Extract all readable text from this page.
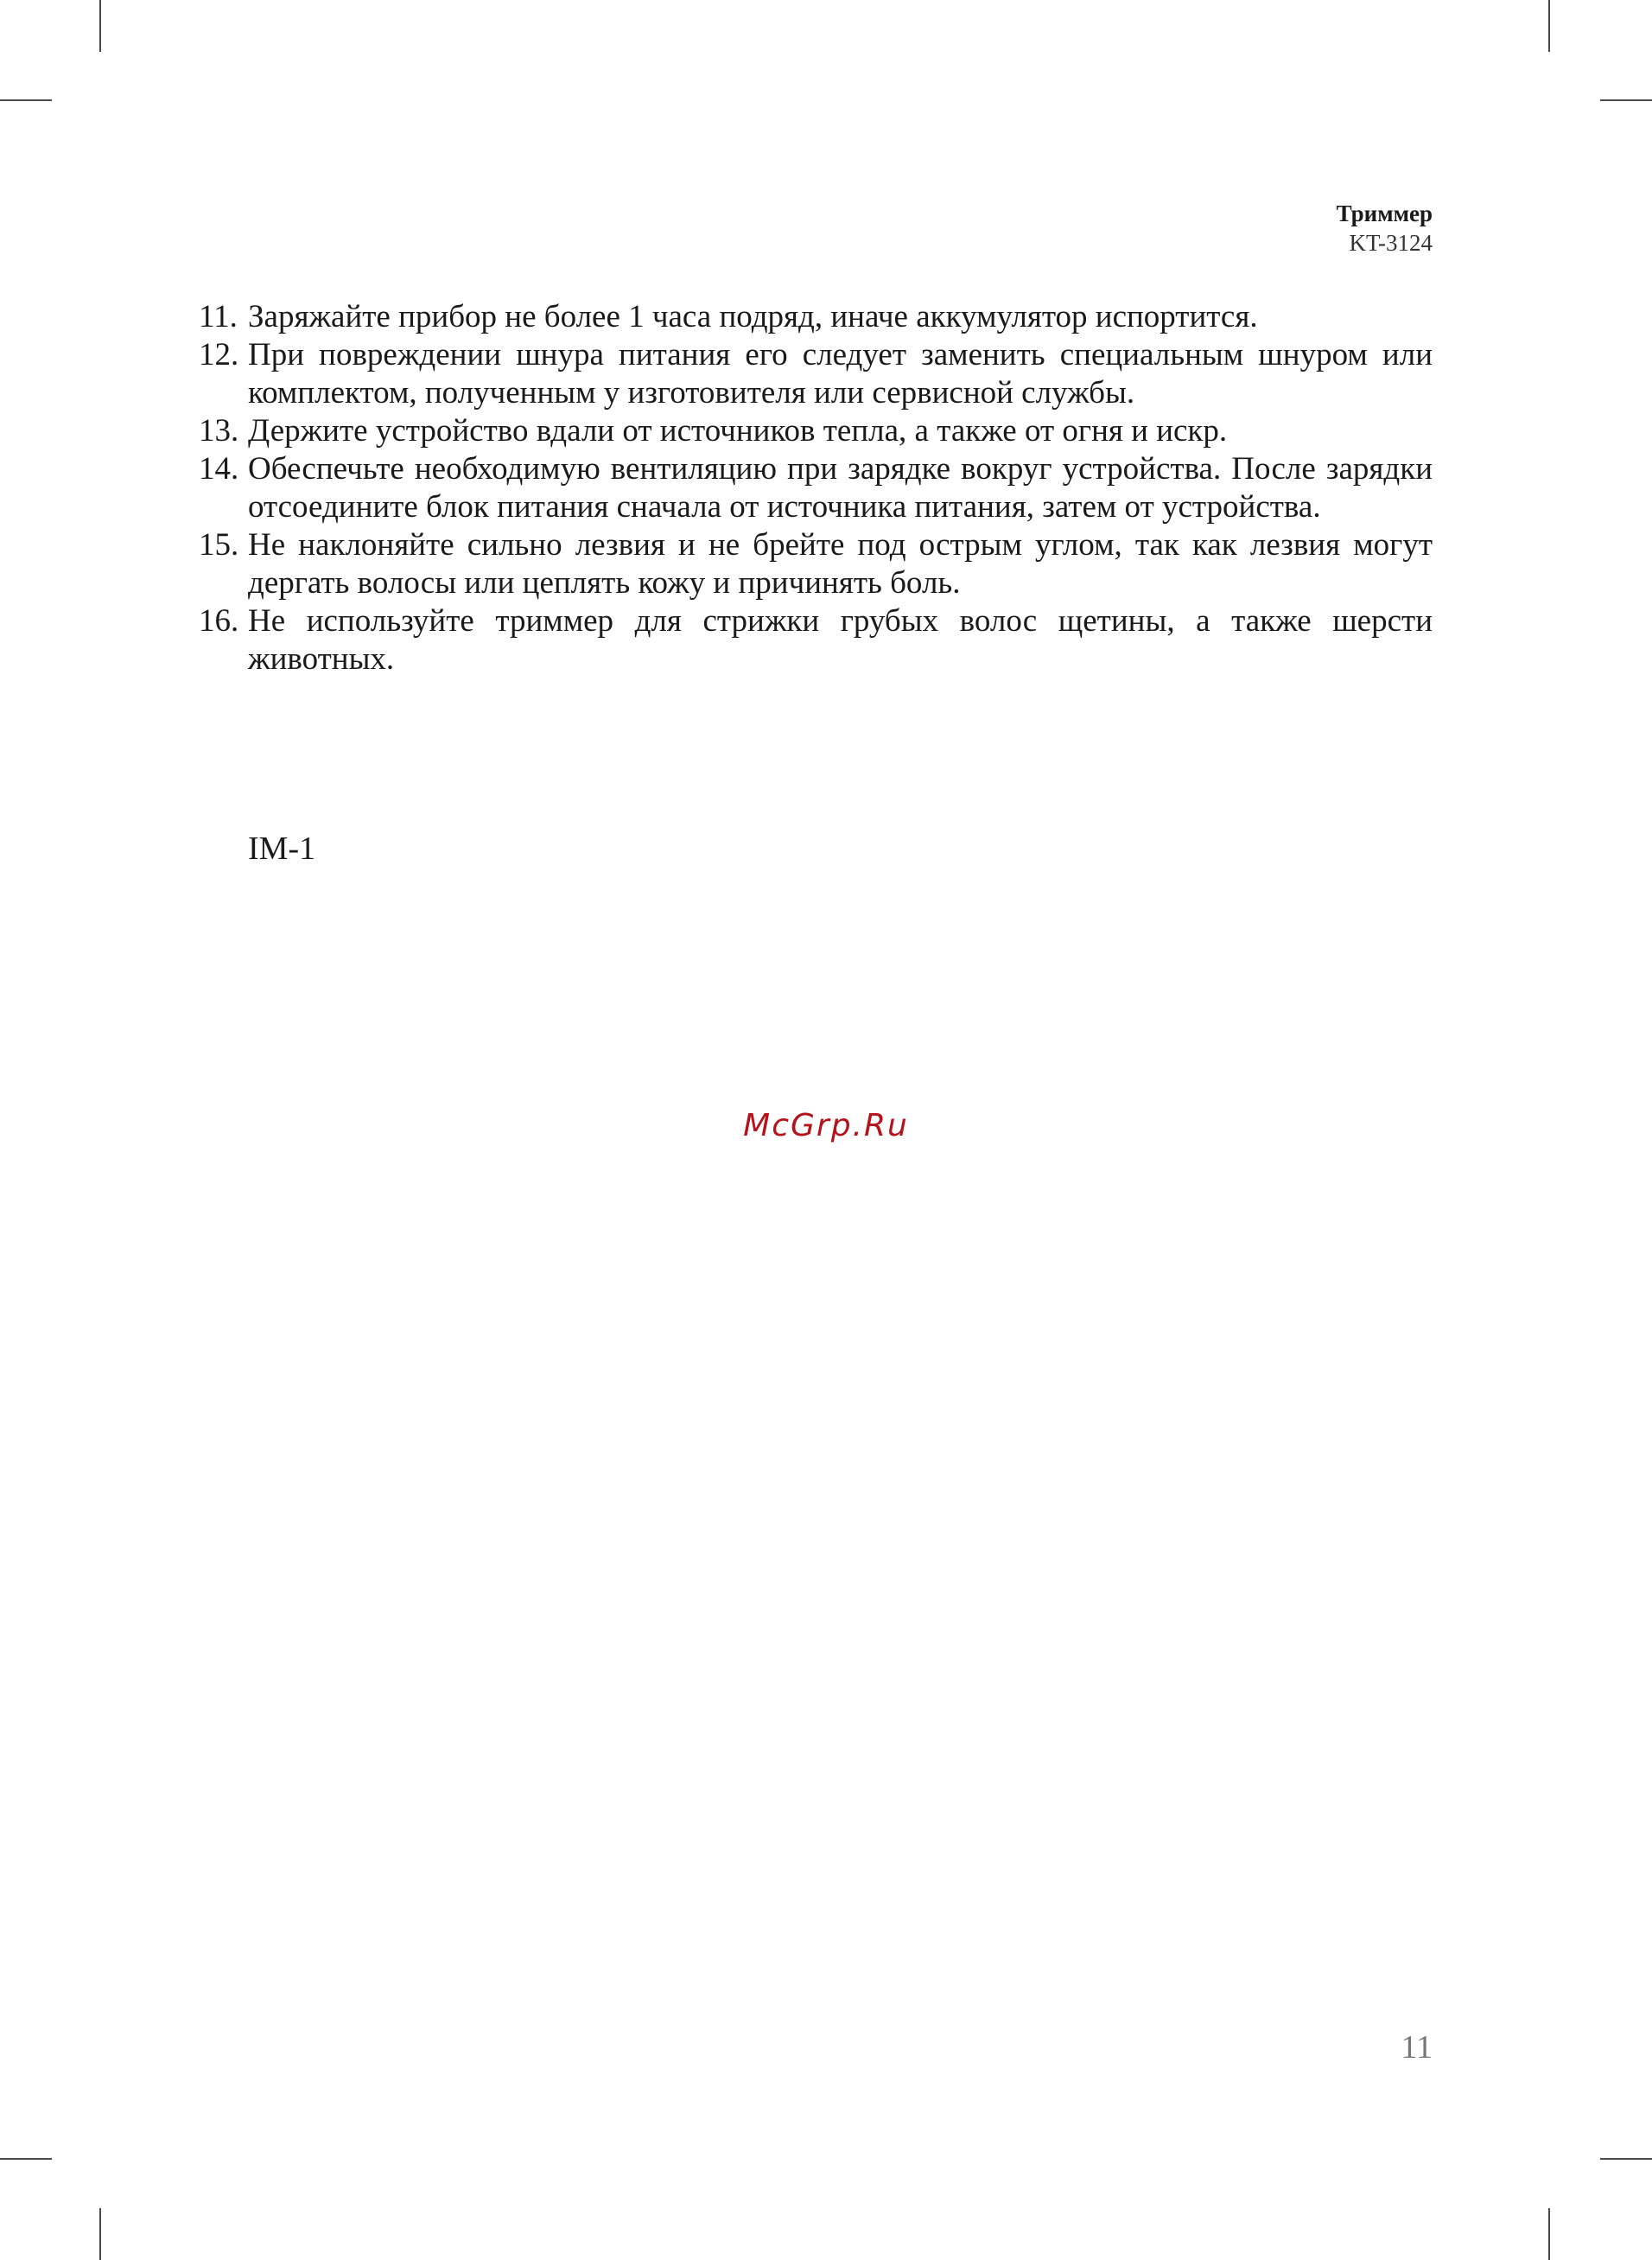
Триммер
KT-3124
11. Заряжайте прибор не более 1 часа подряд, иначе аккумулятор испортится.
12. При повреждении шнура питания его следует заменить специальным шнуром или комплектом, полученным у изготовителя или сервисной службы.
13. Держите устройство вдали от источников тепла, а также от огня и искр.
14. Обеспечьте необходимую вентиляцию при зарядке вокруг устройства. После зарядки отсоедините блок питания сначала от источника питания, затем от устройства.
15. Не наклоняйте сильно лезвия и не брейте под острым углом, так как лезвия могут дергать волосы или цеплять кожу и причинять боль.
16. Не используйте триммер для стрижки грубых волос щетины, а также шерсти животных.
IM-1
McGrp.Ru
11
